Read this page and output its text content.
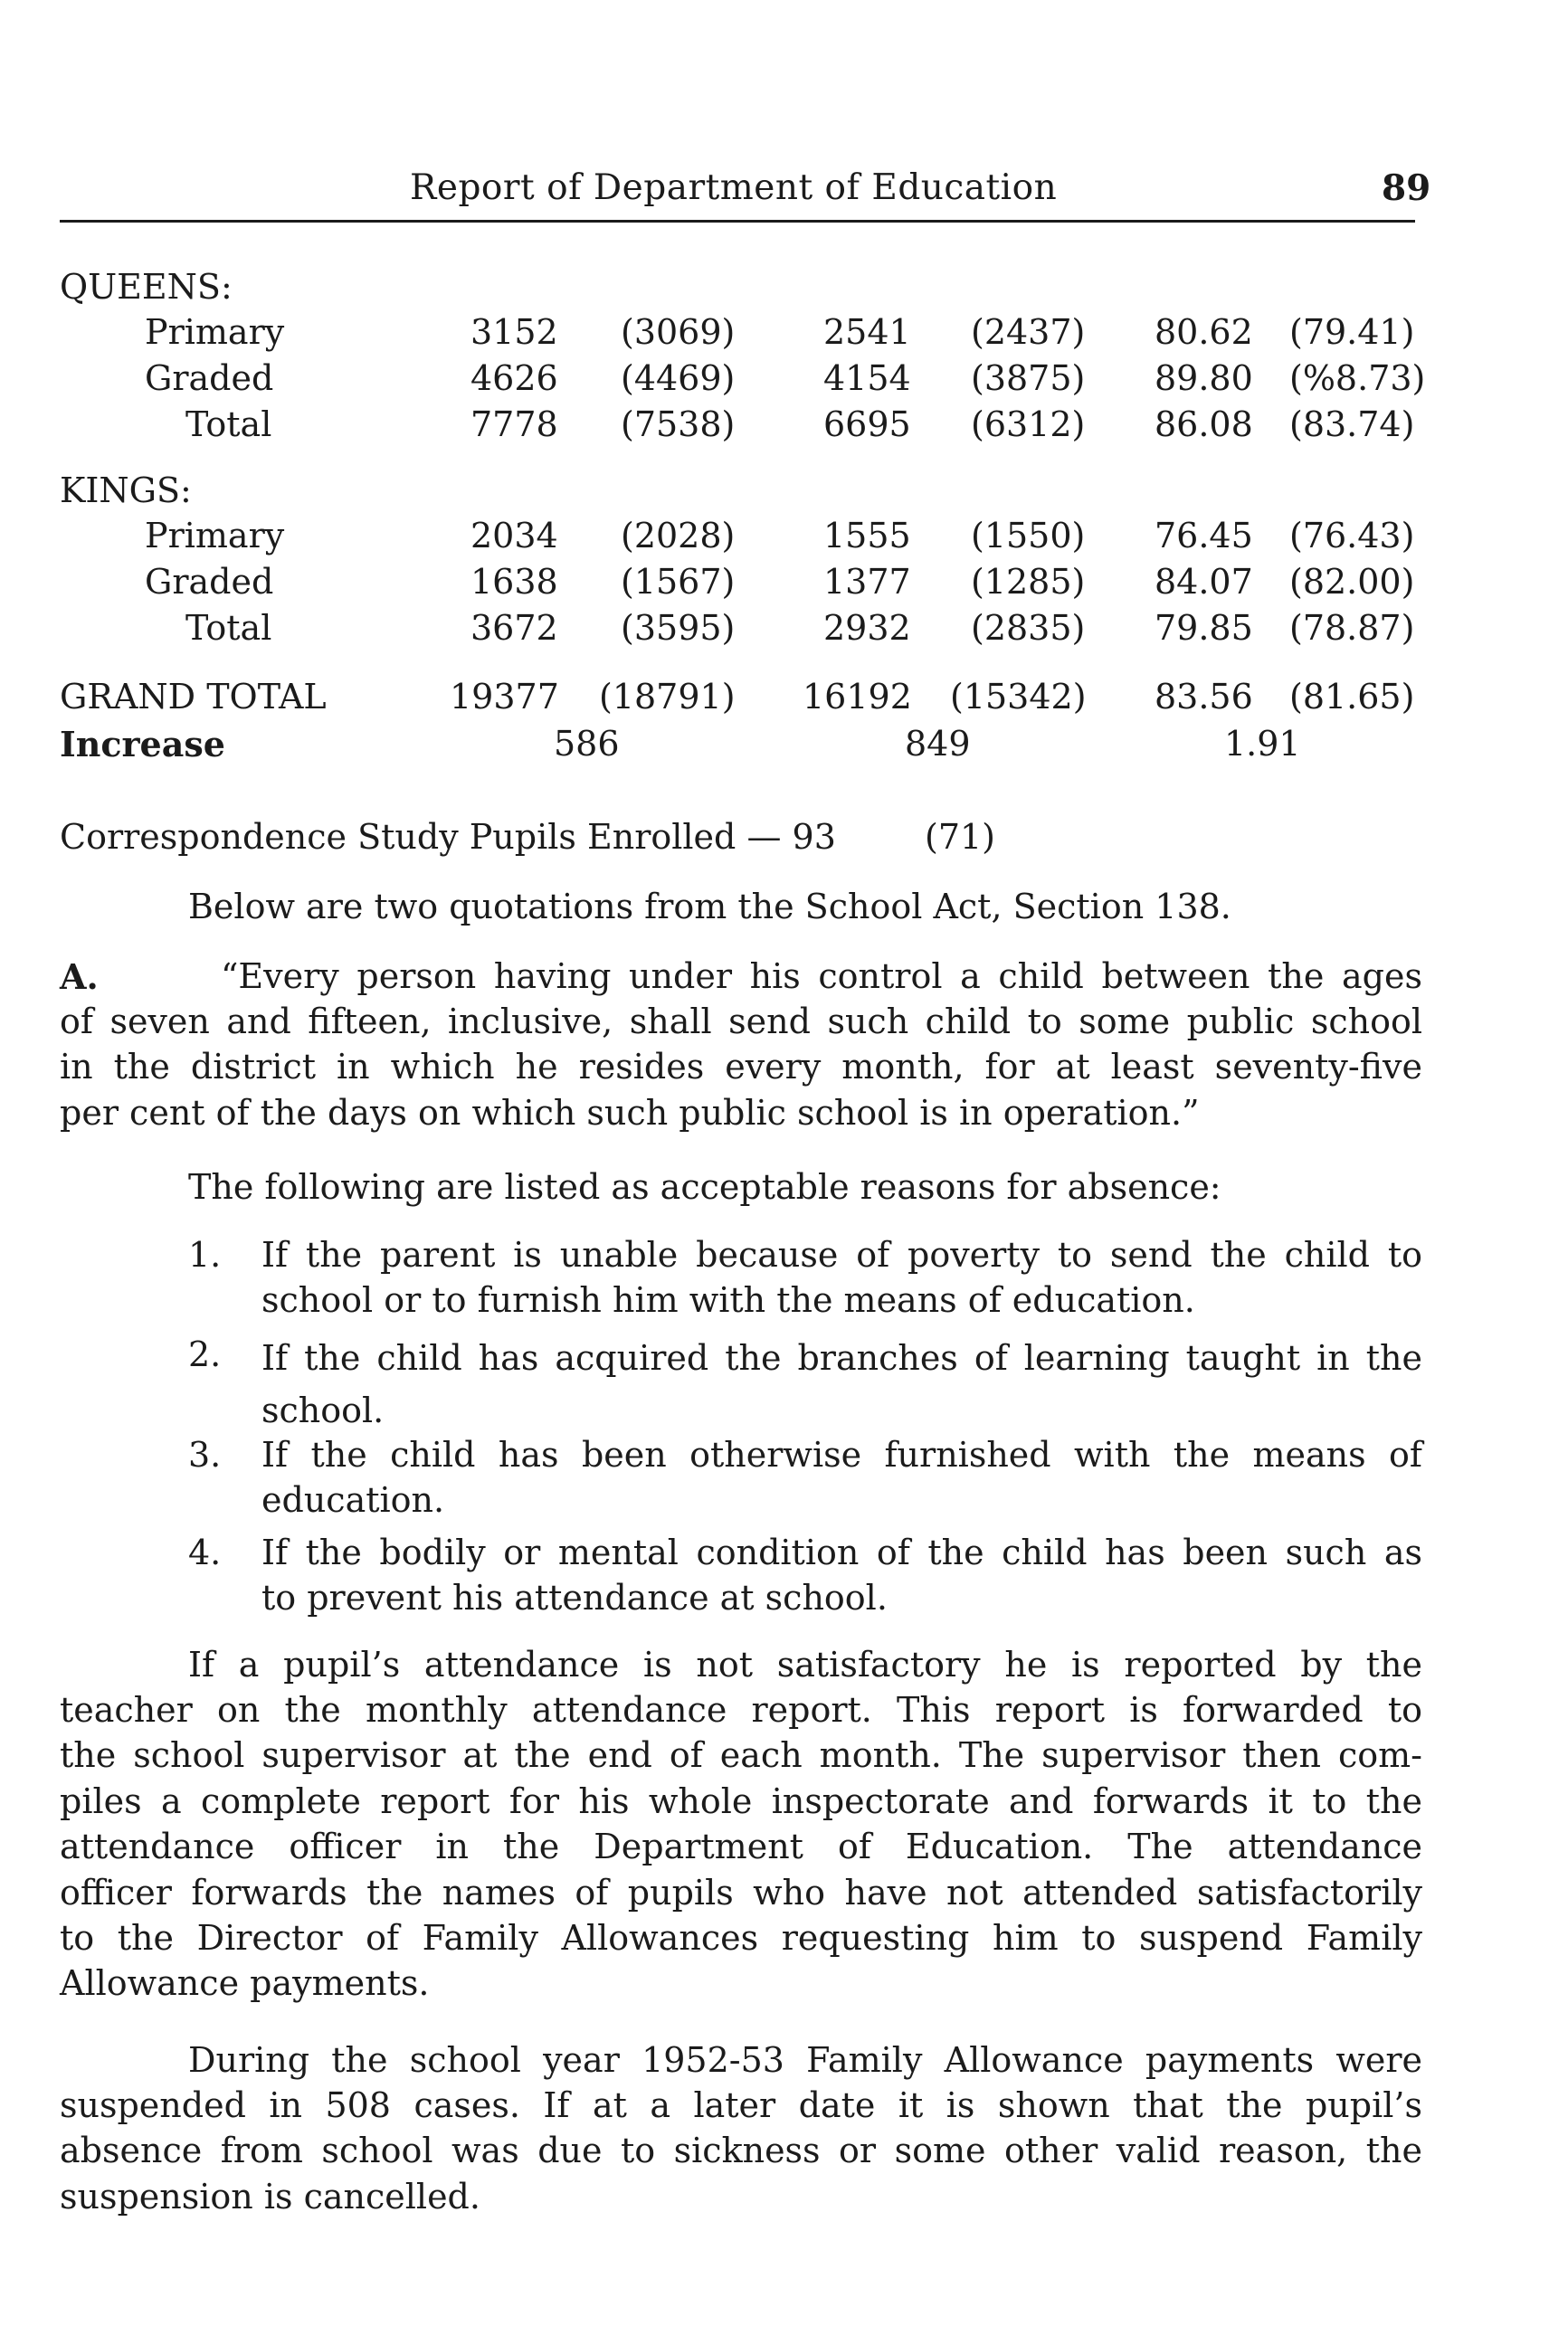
Report of Department of Education	89
QUEENS:
Primary	3152 (3069)	2541 (2437) 80.62 (79.41)
Graded	4626 (4469)	4154 (3875) 89.80 (%8.73)
Total	7778 (7538)	6695 (6312) 86.08 (83.74)
KINGS:
Primary	2034 (2028)	1555 (1550) 76.45 (76.43)
Graded	1638 (1567)	1377 (1285) 84.07 (82.00)
Total	3672 (3595)	2932 (2835) 79.85 (78.87)
GRAND TOTAL	19377 (18791) 16192 (15342) 83.56 (81.65)
Increase	586	849	1.91
Correspondence Study Pupils Enrolled — 93	(71)
Below are two quotations from the School Act, Section 138.
A.	“Every person having under his control a child between the ages
of seven and fifteen, inclusive, shall send such child to some public school
in the district in which he resides every month, for at least seventy-five
per cent of the days on which such public school is in operation.”
The following are listed as acceptable reasons for absence:
1. If the parent is unable because of poverty to send the child to
school or to furnish him with the means of education.
2. If the child has acquired the branches of learning taught in the
school.
3. If the child has been otherwise furnished with the means of
education.
4. If the bodily or mental condition of the child has been such as
to prevent his attendance at school.
If a pupil’s attendance is not satisfactory he is reported by the
teacher on the monthly attendance report. This report is forwarded to
the school supervisor at the end of each month. The supervisor then com-
piles a complete report for his whole inspectorate and forwards it to the
attendance officer in the Department of Education. The attendance
officer forwards the names of pupils who have not attended satisfactorily
to the Director of Family Allowances requesting him to suspend Family
Allowance payments.
During the school year 1952-53 Family Allowance payments were
suspended in 508 cases. If at a later date it is shown that the pupil’s
absence from school was due to sickness or some other valid reason, the
suspension is cancelled.
